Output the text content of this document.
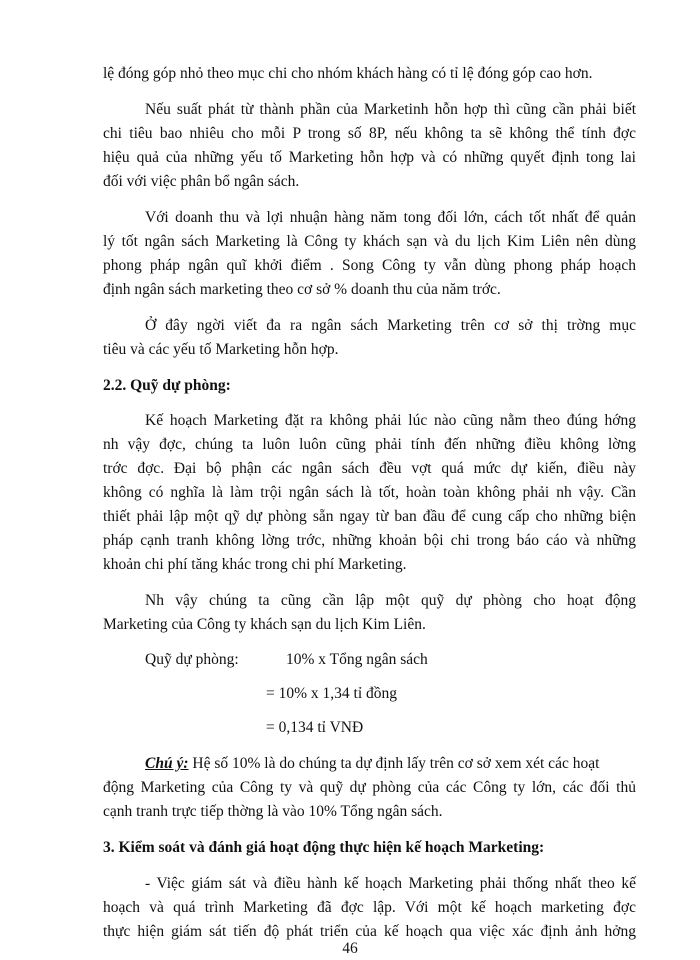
lệ đóng góp nhỏ theo mục chi cho nhóm khách hàng có tỉ lệ đóng góp cao hơn.
Nếu suất phát từ thành phần của Marketinh hỗn hợp thì cũng cần phải biết
chi tiêu bao nhiêu cho mỗi P trong số 8P, nếu không ta sẽ không thể tính đợc
hiệu quả của những yếu tố Marketing hỗn hợp và có những quyết định tong lai
đối với việc phân bổ ngân sách.
Với doanh thu và lợi nhuận hàng năm tong đối lớn, cách tốt nhất để quản
lý tốt ngân sách Marketing là Công ty khách sạn và du lịch Kim Liên nên dùng
phong pháp ngân quĩ khởi điểm . Song Công ty vẫn dùng phong pháp hoạch
định ngân sách marketing theo cơ sở % doanh thu của năm trớc.
Ở đây ngời viết đa ra ngân sách Marketing trên cơ sở thị trờng mục
tiêu và các yếu tố Marketing hỗn hợp.
2.2. Quỹ dự phòng:
Kế hoạch Marketing đặt ra không phải lúc nào cũng nằm theo đúng hớng
nh vậy đợc, chúng ta luôn luôn cũng phải tính đến những điều không lờng
trớc đợc. Đại bộ phận các ngân sách đều vợt quá mức dự kiến, điều này
không có nghĩa là làm trội ngân sách là tốt, hoàn toàn không phải nh vậy. Cần
thiết phải lập một qỹ dự phòng sẵn ngay từ ban đầu để cung cấp cho những biện
pháp cạnh tranh không lờng trớc, những khoản bội chi trong báo cáo và những
khoản chi phí tăng khác trong chi phí Marketing.
Nh vậy chúng ta cũng cần lập một quỹ dự phòng cho hoạt động
Marketing của Công ty khách sạn du lịch Kim Liên.
Quỹ dự phòng:	10% x Tổng ngân sách
= 10% x 1,34 tỉ đồng
= 0,134 tỉ VNĐ
Chú ý: Hệ số 10% là do chúng ta dự định lấy trên cơ sở xem xét các hoạt
động Marketing của Công ty và quỹ dự phòng của các Công ty lớn, các đối thủ
cạnh tranh trực tiếp thờng là vào 10% Tổng ngân sách.
3. Kiểm soát và đánh giá hoạt động thực hiện kế hoạch Marketing:
- Việc giám sát và điều hành kế hoạch Marketing phải thống nhất theo kế
hoạch và quá trình Marketing đã đợc lập. Với một kế hoạch marketing đợc
thực hiện giám sát tiến độ phát triển của kế hoạch qua việc xác định ảnh hởng
46
